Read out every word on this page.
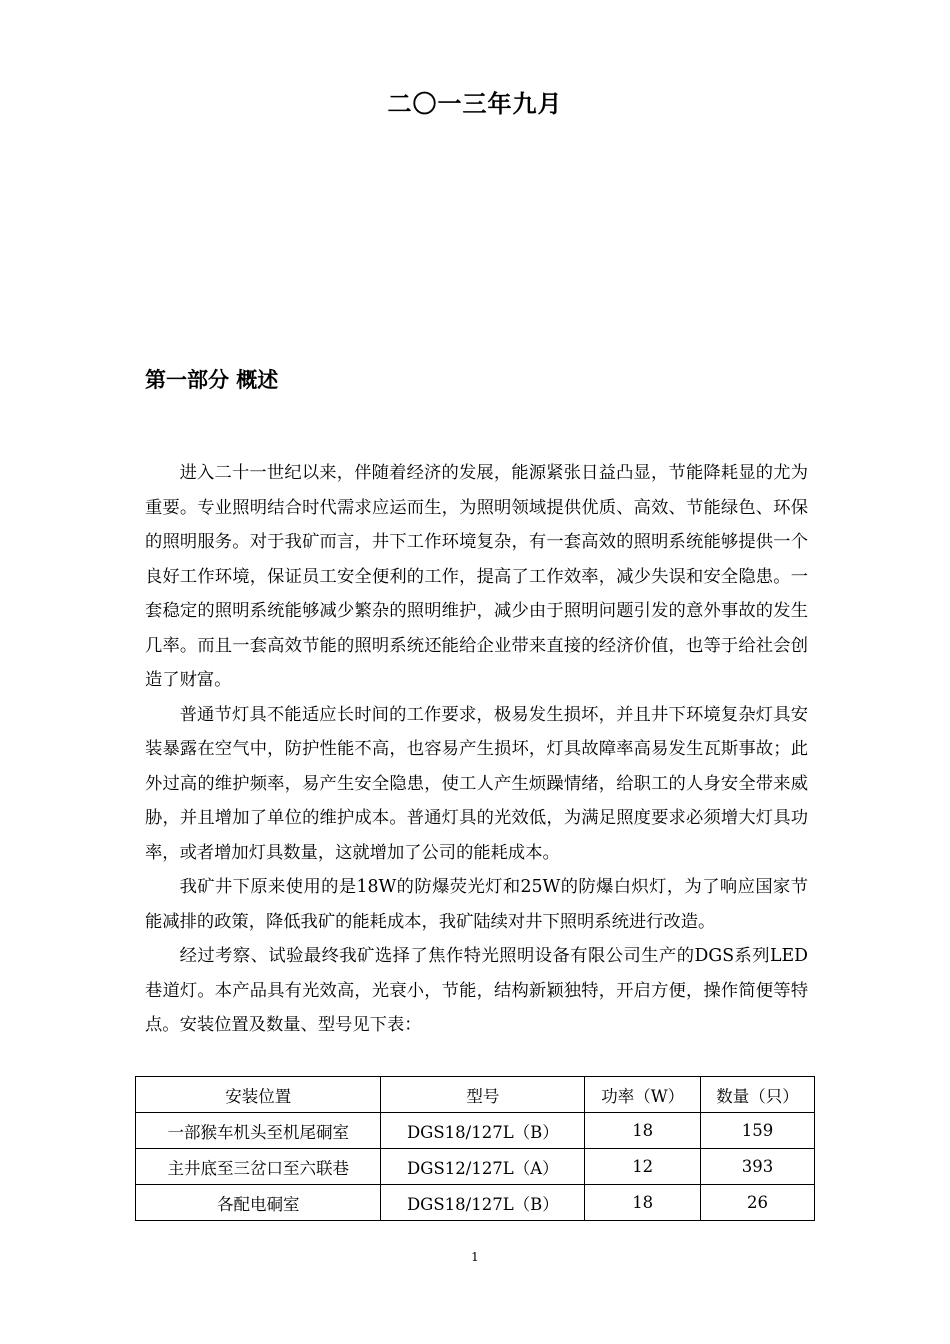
二〇一三年九月
第一部分 概述

进入二十一世纪以来，伴随着经济的发展，能源紧张日益凸显，节能降耗显的尤为重要。专业照明结合时代需求应运而生，为照明领域提供优质、高效、节能绿色、环保的照明服务。对于我矿而言，井下工作环境复杂，有一套高效的照明系统能够提供一个良好工作环境，保证员工安全便利的工作，提高了工作效率，减少失误和安全隐患。一套稳定的照明系统能够减少繁杂的照明维护，减少由于照明问题引发的意外事故的发生几率。而且一套高效节能的照明系统还能给企业带来直接的经济价值，也等于给社会创造了财富。

普通节灯具不能适应长时间的工作要求，极易发生损坏，并且井下环境复杂灯具安装暴露在空气中，防护性能不高，也容易产生损坏，灯具故障率高易发生瓦斯事故；此外过高的维护频率，易产生安全隐患，使工人产生烦躁情绪，给职工的人身安全带来威胁，并且增加了单位的维护成本。普通灯具的光效低，为满足照度要求必须增大灯具功率，或者增加灯具数量，这就增加了公司的能耗成本。

我矿井下原来使用的是18W的防爆荧光灯和25W的防爆白炽灯，为了响应国家节能减排的政策，降低我矿的能耗成本，我矿陆续对井下照明系统进行改造。

经过考察、试验最终我矿选择了焦作特光照明设备有限公司生产的DGS系列LED巷道灯。本产品具有光效高，光衰小，节能，结构新颖独特，开启方便，操作简便等特点。安装位置及数量、型号见下表：

安装位置	型号	功率（W）	数量（只）
一部猴车机头至机尾硐室	DGS18/127L（B）	18	159
主井底至三岔口至六联巷	DGS12/127L（A）	12	393
各配电硐室	DGS18/127L（B）	18	26
1
